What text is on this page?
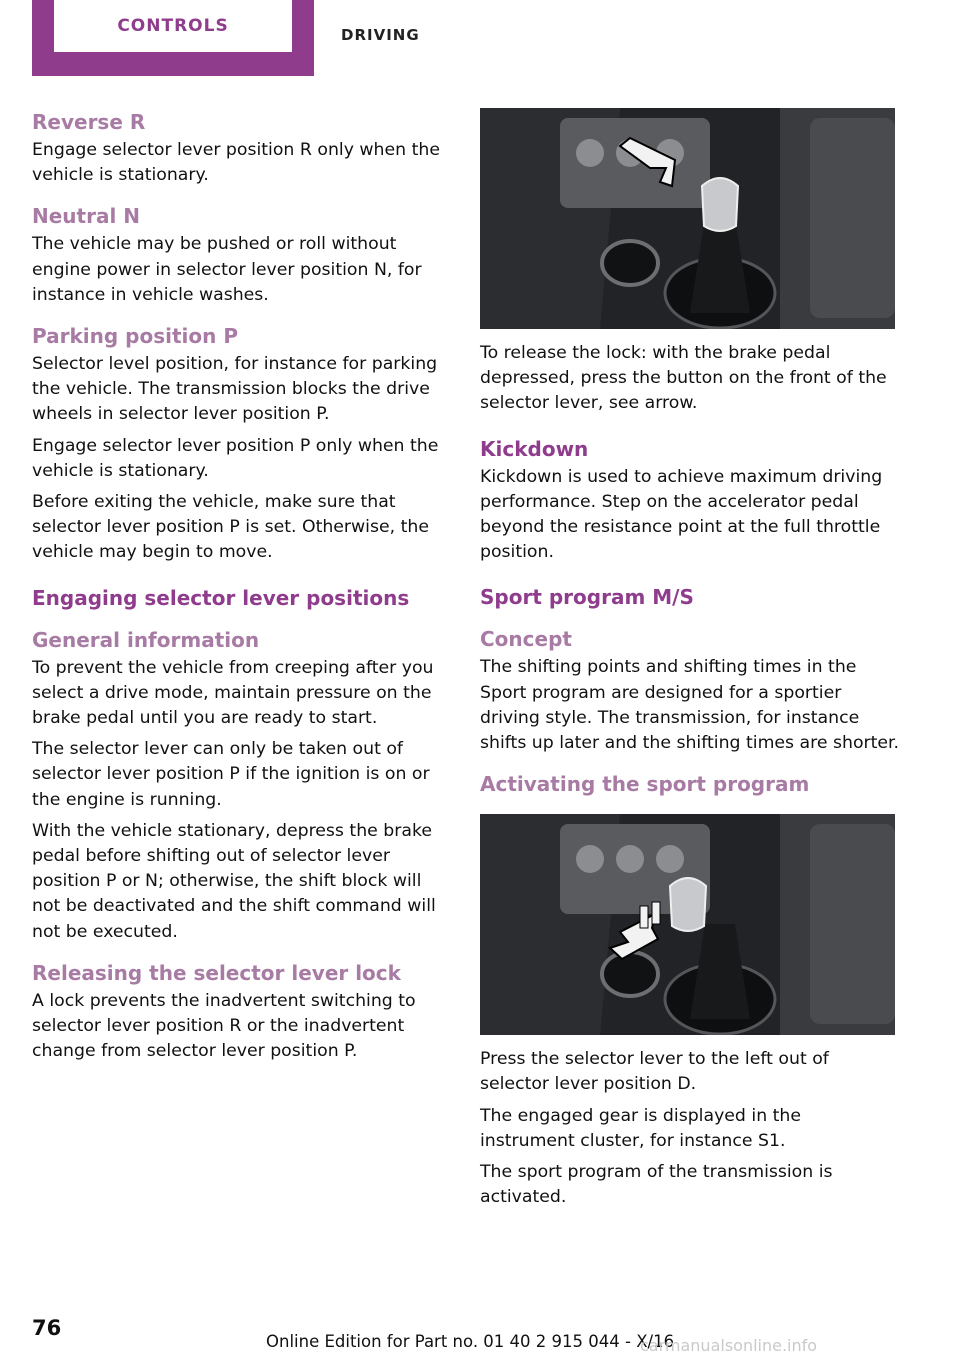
CONTROLS	DRIVING
Reverse R

Engage selector lever position R only when the vehicle is stationary.

Neutral N

The vehicle may be pushed or roll without engine power in selector lever position N, for instance in vehicle washes.

Parking position P

Selector level position, for instance for parking the vehicle. The transmission blocks the drive wheels in selector lever position P.

Engage selector lever position P only when the vehicle is stationary.

Before exiting the vehicle, make sure that selector lever position P is set. Otherwise, the vehicle may begin to move.

Engaging selector lever positions
General information

To prevent the vehicle from creeping after you select a drive mode, maintain pressure on the brake pedal until you are ready to start.

The selector lever can only be taken out of selector lever position P if the ignition is on or the engine is running.

With the vehicle stationary, depress the brake pedal before shifting out of selector lever position P or N; otherwise, the shift block will not be deactivated and the shift command will not be executed.

Releasing the selector lever lock

A lock prevents the inadvertent switching to selector lever position R or the inadvertent change from selector lever position P.

To release the lock: with the brake pedal depressed, press the button on the front of the selector lever, see arrow.

Kickdown

Kickdown is used to achieve maximum driving performance. Step on the accelerator pedal beyond the resistance point at the full throttle position.

Sport program M/S
Concept

The shifting points and shifting times in the Sport program are designed for a sportier driving style. The transmission, for instance shifts up later and the shifting times are shorter.

Activating the sport program

Press the selector lever to the left out of selector lever position D.

The engaged gear is displayed in the instrument cluster, for instance S1.

The sport program of the transmission is activated.

76
Online Edition for Part no. 01 40 2 915 044 - X/16
carmanualsonline.info
